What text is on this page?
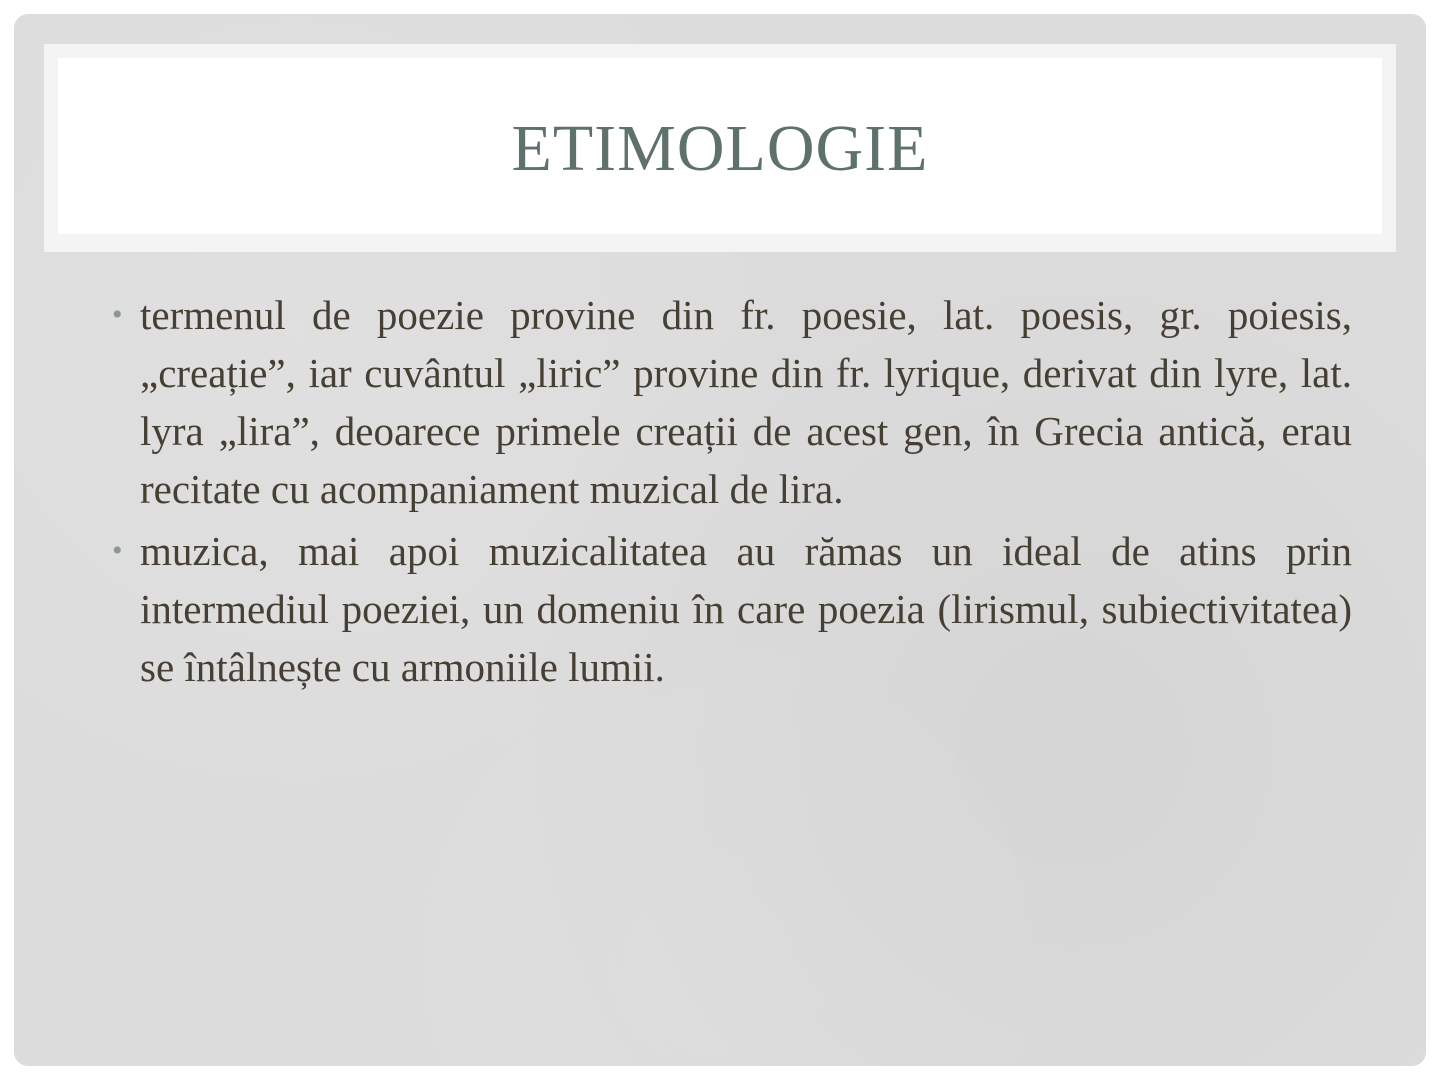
ETIMOLOGIE

• termenul de poezie provine din fr. poesie, lat. poesis, gr. poiesis, „creație”, iar cuvântul „liric” provine din fr. lyrique, derivat din lyre, lat. lyra „lira”, deoarece primele creații de acest gen, în Grecia antică, erau recitate cu acompaniament muzical de lira.

• muzica, mai apoi muzicalitatea au rămas un ideal de atins prin intermediul poeziei, un domeniu în care poezia (lirismul, subiectivitatea) se întâlnește cu armoniile lumii.
